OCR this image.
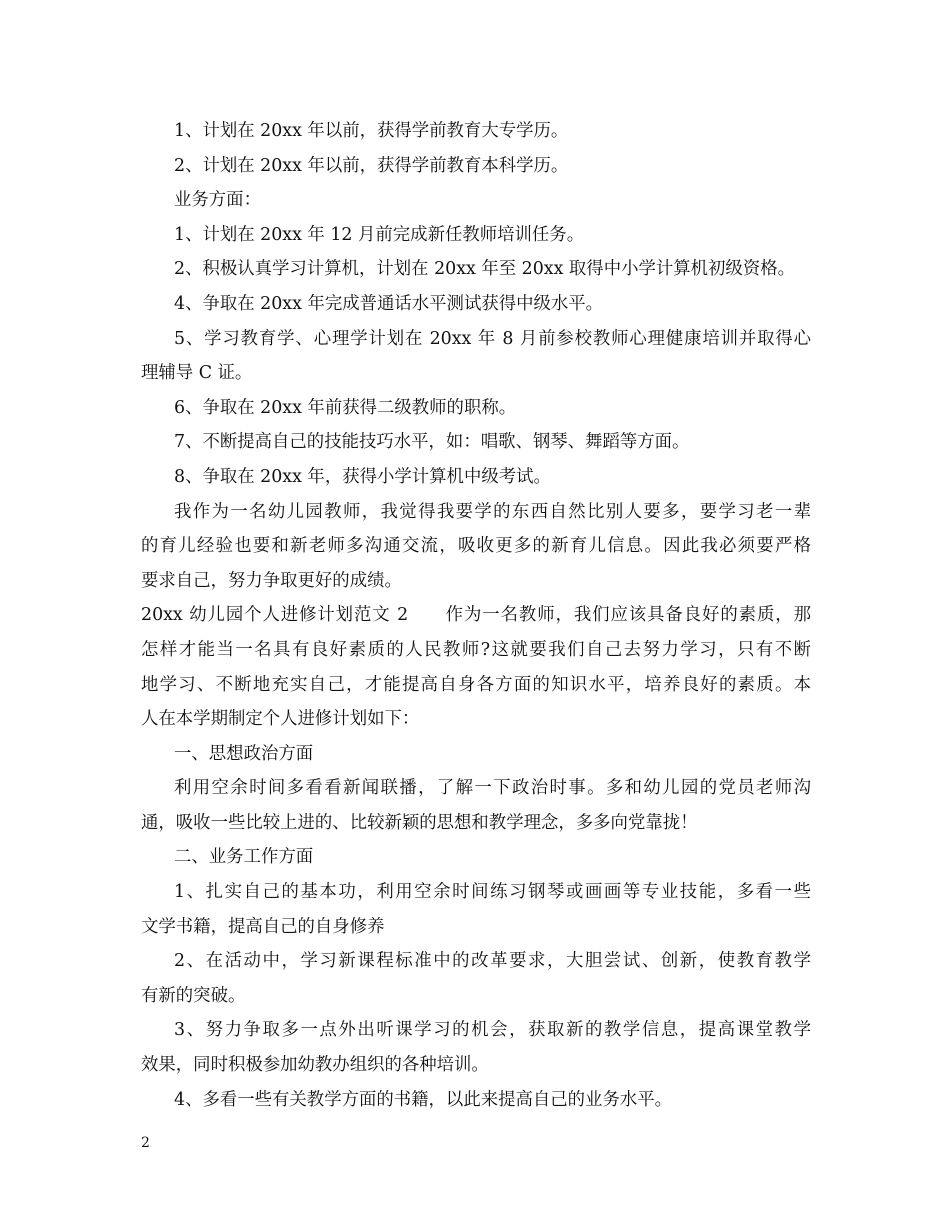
1、计划在 20xx 年以前，获得学前教育大专学历。

2、计划在 20xx 年以前，获得学前教育本科学历。

业务方面：

1、计划在 20xx 年 12 月前完成新任教师培训任务。

2、积极认真学习计算机，计划在 20xx 年至 20xx 取得中小学计算机初级资格。

4、争取在 20xx 年完成普通话水平测试获得中级水平。

5、学习教育学、心理学计划在 20xx 年 8 月前参校教师心理健康培训并取得心

理辅导 C 证。

6、争取在 20xx 年前获得二级教师的职称。

7、不断提高自己的技能技巧水平，如：唱歌、钢琴、舞蹈等方面。

8、争取在 20xx 年，获得小学计算机中级考试。

我作为一名幼儿园教师，我觉得我要学的东西自然比别人要多，要学习老一辈

的育儿经验也要和新老师多沟通交流，吸收更多的新育儿信息。因此我必须要严格

要求自己，努力争取更好的成绩。

20xx 幼儿园个人进修计划范文 2　　作为一名教师，我们应该具备良好的素质，那

怎样才能当一名具有良好素质的人民教师?这就要我们自己去努力学习，只有不断

地学习、不断地充实自己，才能提高自身各方面的知识水平，培养良好的素质。本

人在本学期制定个人进修计划如下：

一、思想政治方面

利用空余时间多看看新闻联播，了解一下政治时事。多和幼儿园的党员老师沟

通，吸收一些比较上进的、比较新颖的思想和教学理念，多多向党靠拢！

二、业务工作方面

1、扎实自己的基本功，利用空余时间练习钢琴或画画等专业技能，多看一些

文学书籍，提高自己的自身修养

2、在活动中，学习新课程标准中的改革要求，大胆尝试、创新，使教育教学

有新的突破。

3、努力争取多一点外出听课学习的机会，获取新的教学信息，提高课堂教学

效果，同时积极参加幼教办组织的各种培训。

4、多看一些有关教学方面的书籍，以此来提高自己的业务水平。

2
